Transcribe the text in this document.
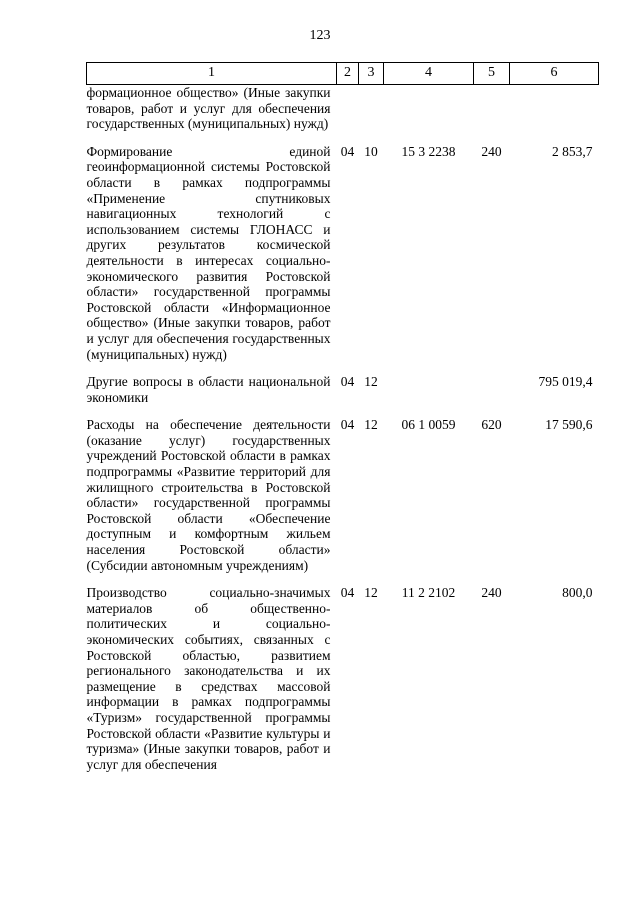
123
1	2	3	4	5	6
формационное общество» (Иные закупки товаров, работ и услуг для обеспечения государственных (муниципальных) нужд)					
Формирование единой геоинформационной системы Ростовской области в рамках подпрограммы «Применение спутниковых навигационных технологий с использованием системы ГЛОНАСС и других результатов космической деятельности в интересах социально-экономического развития Ростовской области» государственной программы Ростовской области «Информационное общество» (Иные закупки товаров, работ и услуг для обеспечения государственных (муниципальных) нужд)	04	10	15 3 2238	240	2 853,7
Другие вопросы в области национальной экономики	04	12			795 019,4
Расходы на обеспечение деятельности (оказание услуг) государственных учреждений Ростовской области в рамках подпрограммы «Развитие территорий для жилищного строительства в Ростовской области» государственной программы Ростовской области «Обеспечение доступным и комфортным жильем населения Ростовской области» (Субсидии автономным учреждениям)	04	12	06 1 0059	620	17 590,6
Производство социально-значимых материалов об общественно-политических и социально-экономических событиях, связанных с Ростовской областью, развитием регионального законодательства и их размещение в средствах массовой информации в рамках подпрограммы «Туризм» государственной программы Ростовской области «Развитие культуры и туризма» (Иные закупки товаров, работ и услуг для обеспечения	04	12	11 2 2102	240	800,0
